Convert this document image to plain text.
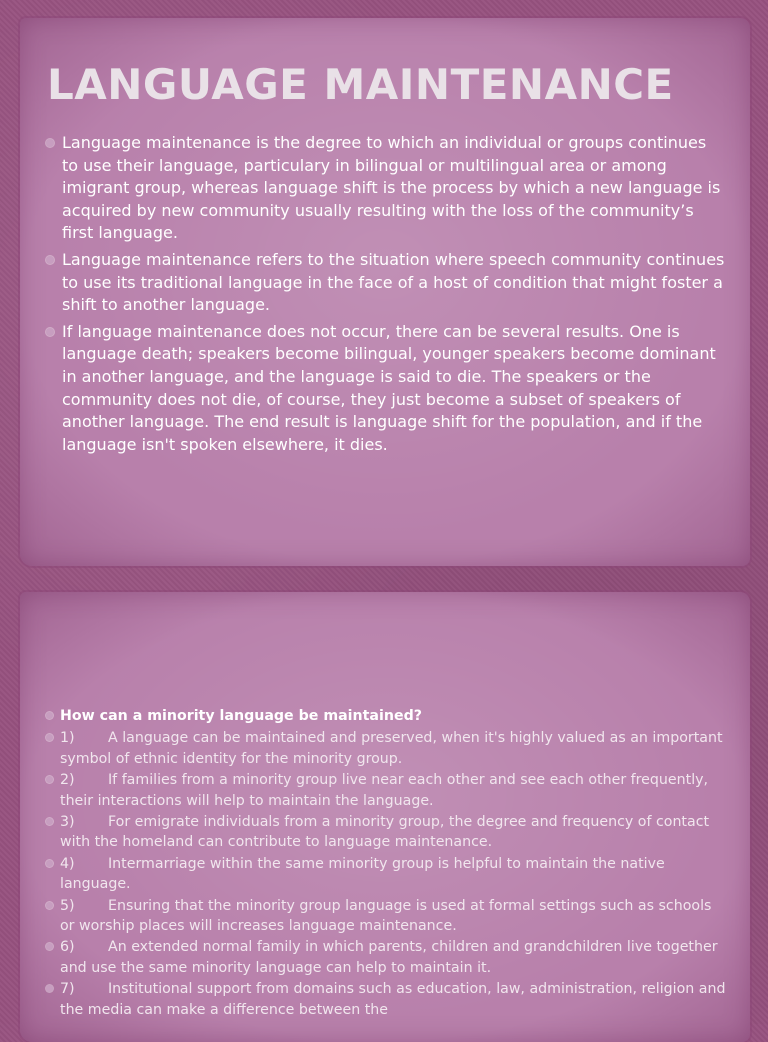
LANGUAGE MAINTENANCE
Language maintenance is the degree to which an individual or groups continues to use their language, particulary in bilingual or multilingual area or among imigrant group, whereas language shift is the process by which a new language is acquired by new community usually resulting with the loss of the community’s first language.
Language maintenance refers to the situation where speech community continues to use its traditional language in the face of a host of condition that might foster a shift to another language.
If language maintenance does not occur, there can be several results. One is language death; speakers become bilingual, younger speakers become dominant in another language, and the language is said to die. The speakers or the community does not die, of course, they just become a subset of speakers of another language. The end result is language shift for the population, and if the language isn't spoken elsewhere, it dies.
How can a minority language be maintained?
1) A language can be maintained and preserved, when it's highly valued as an important symbol of ethnic identity for the minority group.
2) If families from a minority group live near each other and see each other frequently, their interactions will help to maintain the language.
3) For emigrate individuals from a minority group, the degree and frequency of contact with the homeland can contribute to language maintenance.
4) Intermarriage within the same minority group is helpful to maintain the native language.
5) Ensuring that the minority group language is used at formal settings such as schools or worship places will increases language maintenance.
6) An extended normal family in which parents, children and grandchildren live together and use the same minority language can help to maintain it.
7) Institutional support from domains such as education, law, administration, religion and the media can make a difference between the
